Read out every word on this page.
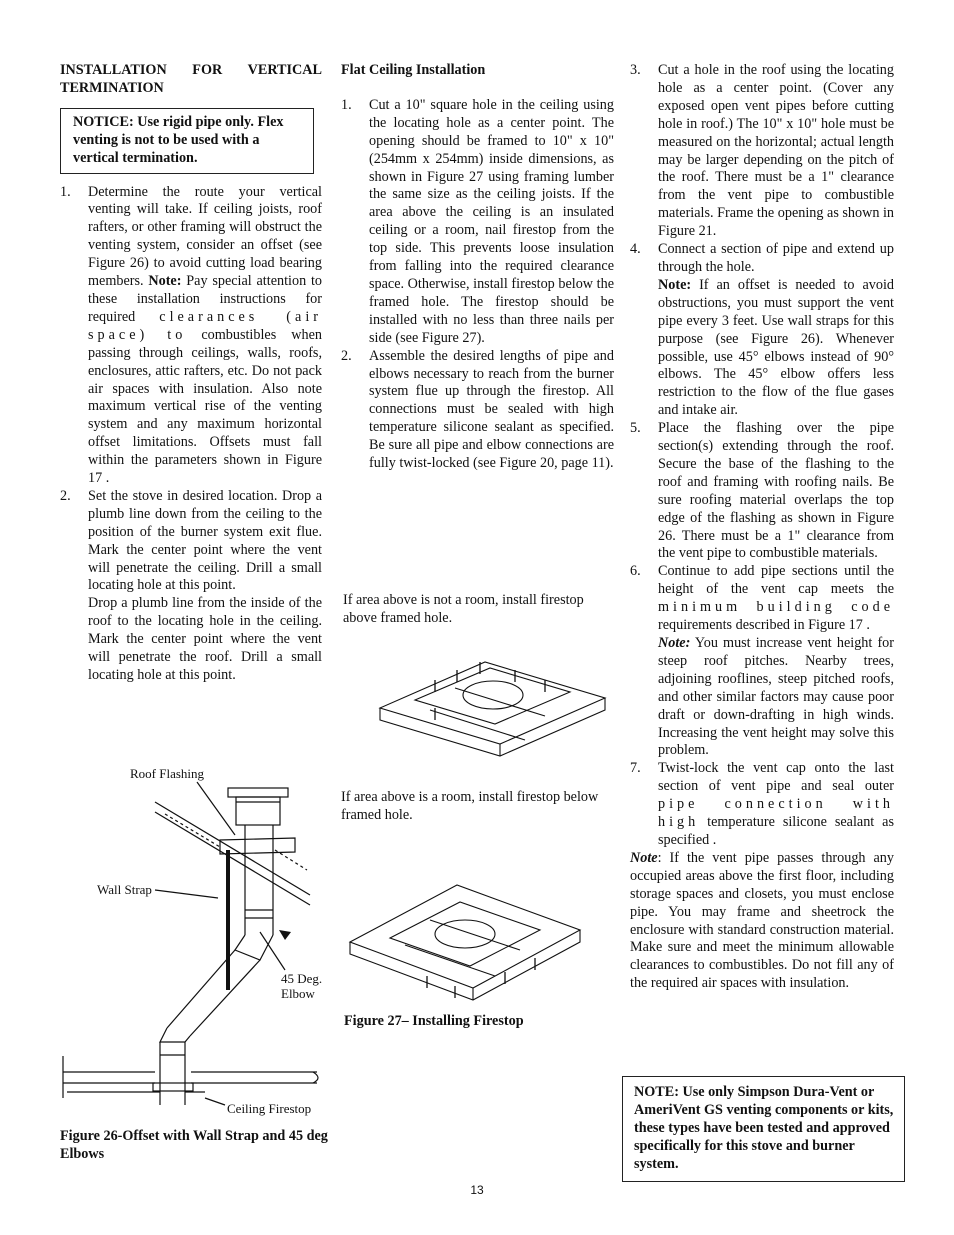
INSTALLATION FOR VERTICAL TERMINATION

NOTICE: Use rigid pipe only. Flex venting is not to be used with a vertical termination.
1. Determine the route your vertical venting will take. If ceiling joists, roof rafters, or other framing will obstruct the venting system, consider an offset (see Figure 26) to avoid cutting load bearing members. Note: Pay special attention to these installation instructions for required clearances (air space) to combustibles when passing through ceilings, walls, roofs, enclosures, attic rafters, etc. Do not pack air spaces with insulation. Also note maximum vertical rise of the venting system and any maximum horizontal offset limitations. Offsets must fall within the parameters shown in Figure 17 .
2. Set the stove in desired location. Drop a plumb line down from the ceiling to the position of the burner system exit flue. Mark the center point where the vent will penetrate the ceiling. Drill a small locating hole at this point.

Drop a plumb line from the inside of the roof to the locating hole in the ceiling. Mark the center point where the vent will penetrate the roof. Drill a small locating hole at this point.

Roof Flashing
Wall Strap
45 Deg.
Elbow
Ceiling Firestop
Figure 26-Offset with Wall Strap and 45 deg Elbows

Flat Ceiling Installation

1. Cut a 10" square hole in the ceiling using the locating hole as a center point. The opening should be framed to 10" x 10"(254mm x 254mm) inside dimensions, as shown in Figure 27 using framing lumber the same size as the ceiling joists. If the area above the ceiling is an insulated ceiling or a room, nail firestop from the top side. This prevents loose insulation from falling into the required clearance space. Otherwise, install firestop below the framed hole. The firestop should be installed with no less than three nails per side (see Figure 27).
2. Assemble the desired lengths of pipe and elbows necessary to reach from the burner system flue up through the firestop. All connections must be sealed with high temperature silicone sealant as specified. Be sure all pipe and elbow connections are fully twist-locked (see Figure 20, page 11).
If area above is not a room, install firestop above framed hole.
If area above is a room, install firestop below framed hole.
Figure 27– Installing Firestop
3. Cut a hole in the roof using the locating hole as a center point. (Cover any exposed open vent pipes before cutting hole in roof.) The 10" x 10" hole must be measured on the horizontal; actual length may be larger depending on the pitch of the roof. There must be a 1" clearance from the vent pipe to combustible materials. Frame the opening as shown in Figure 21.
4. Connect a section of pipe and extend up through the hole.

Note: If an offset is needed to avoid obstructions, you must support the vent pipe every 3 feet. Use wall straps for this purpose (see Figure 26). Whenever possible, use 45° elbows instead of 90° elbows. The 45° elbow offers less restriction to the flow of the flue gases and intake air.

5. Place the flashing over the pipe section(s) extending through the roof. Secure the base of the flashing to the roof and framing with roofing nails. Be sure roofing material overlaps the top edge of the flashing as shown in Figure 26. There must be a 1" clearance from the vent pipe to combustible materials.
6. Continue to add pipe sections until the height of the vent cap meets the minimum building code requirements described in Figure 17 .

Note: You must increase vent height for steep roof pitches. Nearby trees, adjoining rooflines, steep pitched roofs, and other similar factors may cause poor draft or down-drafting in high winds. Increasing the vent height may solve this problem.

7. Twist-lock the vent cap onto the last section of vent pipe and seal outer pipe connection with high temperature silicone sealant as specified .

Note: If the vent pipe passes through any occupied areas above the first floor, including storage spaces and closets, you must enclose pipe. You may frame and sheetrock the enclosure with standard construction material. Make sure and meet the minimum allowable clearances to combustibles. Do not fill any of the required air spaces with insulation.

NOTE: Use only Simpson Dura-Vent or AmeriVent GS venting components or kits, these types have been tested and approved specifically for this stove and burner system.
13
